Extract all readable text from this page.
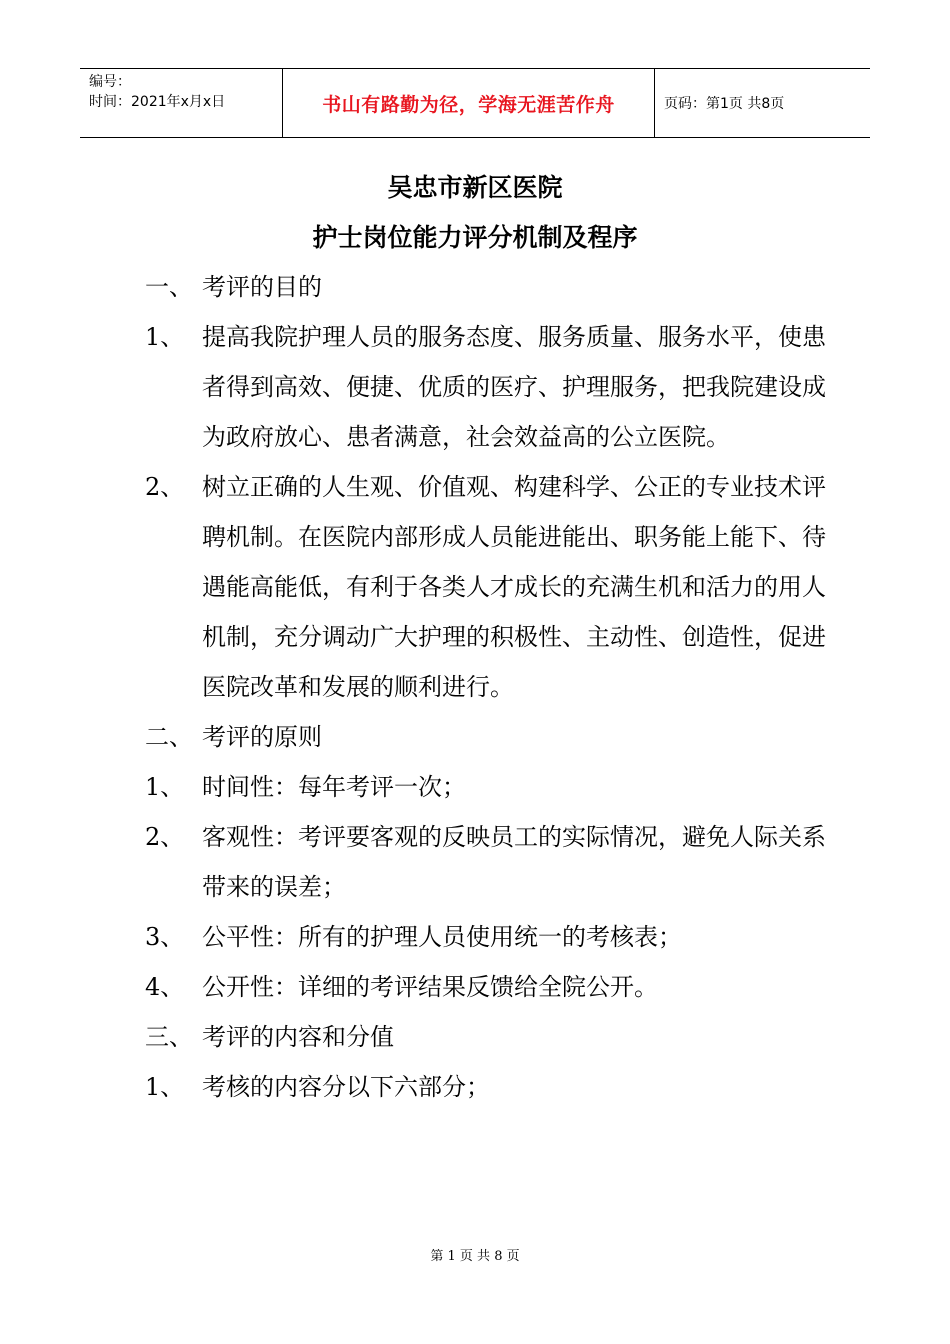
编号：
时间：2021年x月x日	书山有路勤为径，学海无涯苦作舟	页码：第1页 共8页
吴忠市新区医院
护士岗位能力评分机制及程序
一、 考评的目的
1、 提高我院护理人员的服务态度、服务质量、服务水平，使患者得到高效、便捷、优质的医疗、护理服务，把我院建设成为政府放心、患者满意，社会效益高的公立医院。
2、 树立正确的人生观、价值观、构建科学、公正的专业技术评聘机制。在医院内部形成人员能进能出、职务能上能下、待遇能高能低，有利于各类人才成长的充满生机和活力的用人机制，充分调动广大护理的积极性、主动性、创造性，促进医院改革和发展的顺利进行。
二、 考评的原则
1、 时间性：每年考评一次；
2、 客观性：考评要客观的反映员工的实际情况，避免人际关系带来的误差；
3、 公平性：所有的护理人员使用统一的考核表；
4、 公开性：详细的考评结果反馈给全院公开。
三、 考评的内容和分值
1、 考核的内容分以下六部分；
第 1 页 共 8 页
